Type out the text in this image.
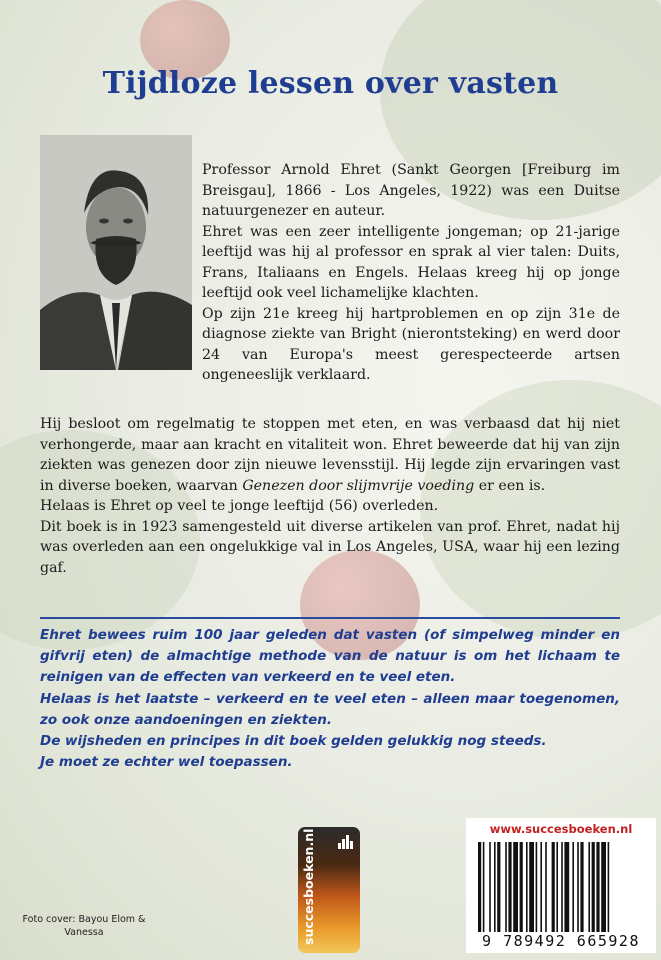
Tijdloze lessen over vasten
Professor Arnold Ehret (Sankt Georgen [Freiburg im Breisgau], 1866 - Los Angeles, 1922) was een Duitse natuurgenezer en auteur.
Ehret was een zeer intelligente jongeman; op 21-jarige leeftijd was hij al professor en sprak al vier talen: Duits, Frans, Italiaans en Engels. Helaas kreeg hij op jonge leeftijd ook veel lichamelijke klachten.
Op zijn 21e kreeg hij hartproblemen en op zijn 31e de diagnose ziekte van Bright (nierontsteking) en werd door 24 van Europa's meest gerespecteerde artsen ongeneeslijk verklaard.
Hij besloot om regelmatig te stoppen met eten, en was verbaasd dat hij niet verhongerde, maar aan kracht en vitaliteit won. Ehret beweerde dat hij van zijn ziekten was genezen door zijn nieuwe levensstijl. Hij legde zijn ervaringen vast in diverse boeken, waarvan Genezen door slijmvrije voeding er een is.
Helaas is Ehret op veel te jonge leeftijd (56) overleden.
Dit boek is in 1923 samengesteld uit diverse artikelen van prof. Ehret, nadat hij was overleden aan een ongelukkige val in Los Angeles, USA, waar hij een lezing gaf.
Ehret bewees ruim 100 jaar geleden dat vasten (of simpelweg minder en gifvrij eten) de almachtige methode van de natuur is om het lichaam te reinigen van de effecten van verkeerd en te veel eten.
Helaas is het laatste – verkeerd en te veel eten – alleen maar toegenomen, zo ook onze aandoeningen en ziekten.
De wijsheden en principes in dit boek gelden gelukkig nog steeds.
Je moet ze echter wel toepassen.
succesboeken.nl	www.succesboeken.nl
9 789492 665928
Foto cover: Bayou Elom & Vanessa
